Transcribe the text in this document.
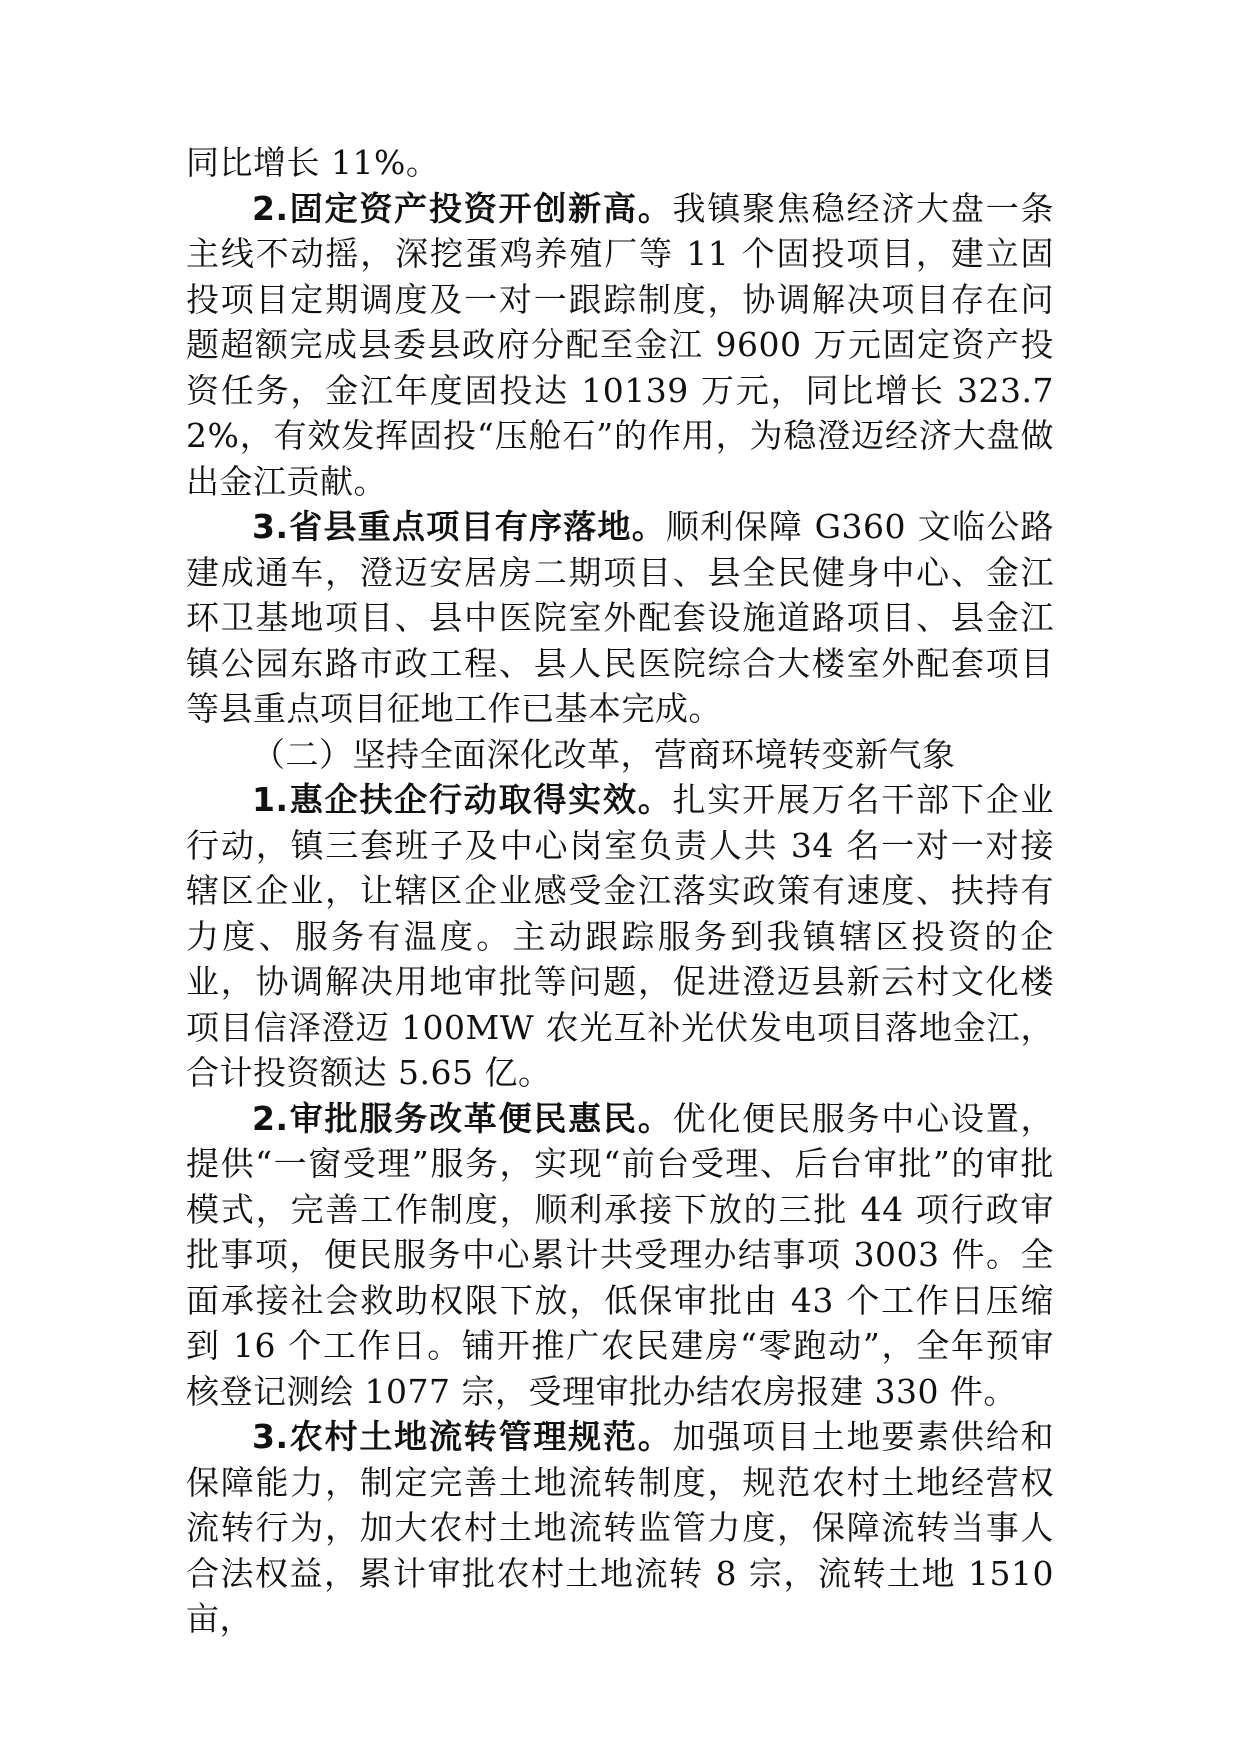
同比增长 11%。

2.固定资产投资开创新高。我镇聚焦稳经济大盘一条主线不动摇，深挖蛋鸡养殖厂等 11 个固投项目，建立固投项目定期调度及一对一跟踪制度，协调解决项目存在问题超额完成县委县政府分配至金江 9600 万元固定资产投资任务，金江年度固投达 10139 万元，同比增长 323.72%，有效发挥固投“压舱石”的作用，为稳澄迈经济大盘做出金江贡献。

3.省县重点项目有序落地。顺利保障 G360 文临公路建成通车，澄迈安居房二期项目、县全民健身中心、金江环卫基地项目、县中医院室外配套设施道路项目、县金江镇公园东路市政工程、县人民医院综合大楼室外配套项目等县重点项目征地工作已基本完成。

（二）坚持全面深化改革，营商环境转变新气象

1.惠企扶企行动取得实效。扎实开展万名干部下企业行动，镇三套班子及中心岗室负责人共 34 名一对一对接辖区企业，让辖区企业感受金江落实政策有速度、扶持有力度、服务有温度。主动跟踪服务到我镇辖区投资的企业，协调解决用地审批等问题，促进澄迈县新云村文化楼项目信泽澄迈 100MW 农光互补光伏发电项目落地金江，合计投资额达 5.65 亿。

2.审批服务改革便民惠民。优化便民服务中心设置，提供“一窗受理”服务，实现“前台受理、后台审批”的审批模式，完善工作制度，顺利承接下放的三批 44 项行政审批事项，便民服务中心累计共受理办结事项 3003 件。全面承接社会救助权限下放，低保审批由 43 个工作日压缩到 16 个工作日。铺开推广农民建房“零跑动”，全年预审核登记测绘 1077 宗，受理审批办结农房报建 330 件。

3.农村土地流转管理规范。加强项目土地要素供给和保障能力，制定完善土地流转制度，规范农村土地经营权流转行为，加大农村土地流转监管力度，保障流转当事人合法权益，累计审批农村土地流转 8 宗，流转土地 1510 亩，
